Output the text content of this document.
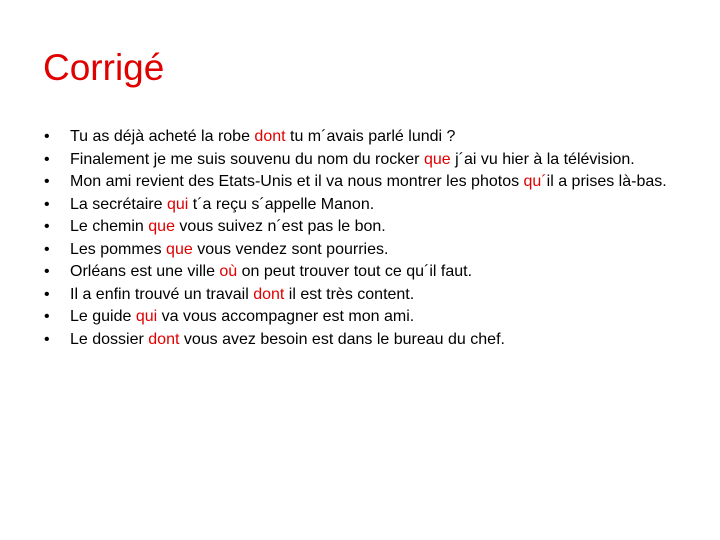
Corrigé
•	Tu as déjà acheté la robe dont tu m´avais parlé lundi ?
•	Finalement je me suis souvenu du nom du rocker que j´ai vu hier à la télévision.
•	Mon ami revient des Etats-Unis et il va nous montrer les photos qu´il a prises là-bas.
•	La secrétaire qui t´a reçu s´appelle Manon.
•	Le chemin que vous suivez n´est pas le bon.
•	Les pommes que vous vendez sont pourries.
•	Orléans est une ville où on peut trouver tout ce qu´il faut.
•	Il a enfin trouvé un travail dont il est très content.
•	Le guide qui va vous accompagner est mon ami.
•	Le dossier dont vous avez besoin est dans le bureau du chef.
